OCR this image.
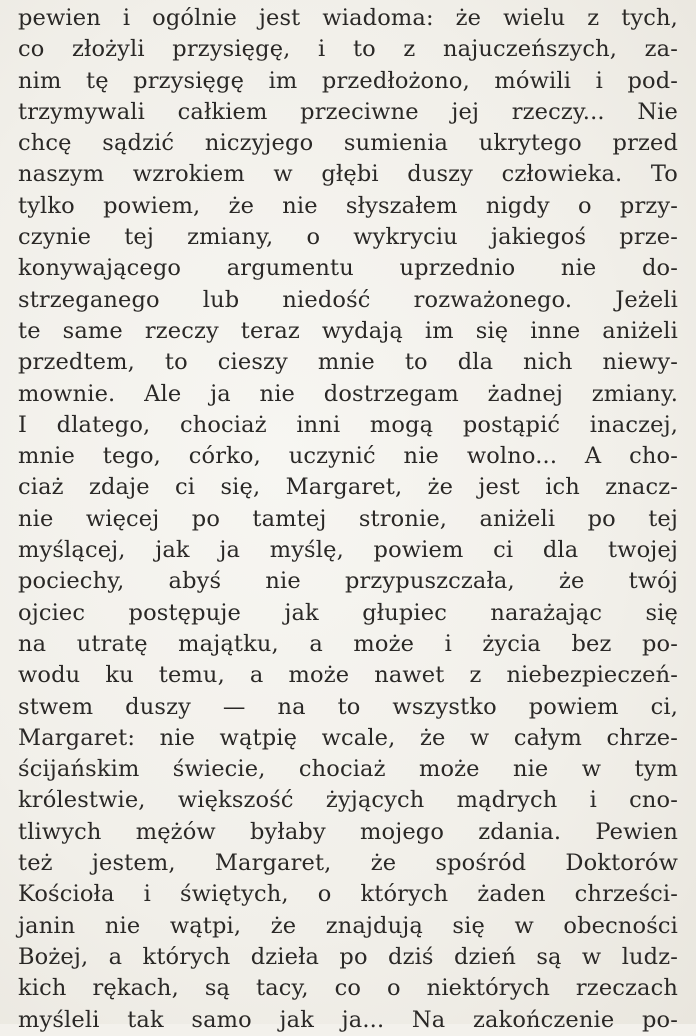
pewien i ogólnie jest wiadoma: że wielu z tych,
co złożyli przysięgę, i to z najuczeńszych, za-
nim tę przysięgę im przedłożono, mówili i pod-
trzymywali całkiem przeciwne jej rzeczy... Nie
chcę sądzić niczyjego sumienia ukrytego przed
naszym wzrokiem w głębi duszy człowieka. To
tylko powiem, że nie słyszałem nigdy o przy-
czynie tej zmiany, o wykryciu jakiegoś prze-
konywającego argumentu uprzednio nie do-
strzeganego lub niedość rozważonego. Jeżeli
te same rzeczy teraz wydają im się inne aniżeli
przedtem, to cieszy mnie to dla nich niewy-
mownie. Ale ja nie dostrzegam żadnej zmiany.
I dlatego, chociaż inni mogą postąpić inaczej,
mnie tego, córko, uczynić nie wolno... A cho-
ciaż zdaje ci się, Margaret, że jest ich znacz-
nie więcej po tamtej stronie, aniżeli po tej
myślącej, jak ja myślę, powiem ci dla twojej
pociechy, abyś nie przypuszczała, że twój
ojciec postępuje jak głupiec narażając się
na utratę majątku, a może i życia bez po-
wodu ku temu, a może nawet z niebezpieczeń-
stwem duszy — na to wszystko powiem ci,
Margaret: nie wątpię wcale, że w całym chrze-
ścijańskim świecie, chociaż może nie w tym
królestwie, większość żyjących mądrych i cno-
tliwych mężów byłaby mojego zdania. Pewien
też jestem, Margaret, że spośród Doktorów
Kościoła i świętych, o których żaden chrześci-
janin nie wątpi, że znajdują się w obecności
Bożej, a których dzieła po dziś dzień są w ludz-
kich rękach, są tacy, co o niektórych rzeczach
myśleli tak samo jak ja... Na zakończenie po-
